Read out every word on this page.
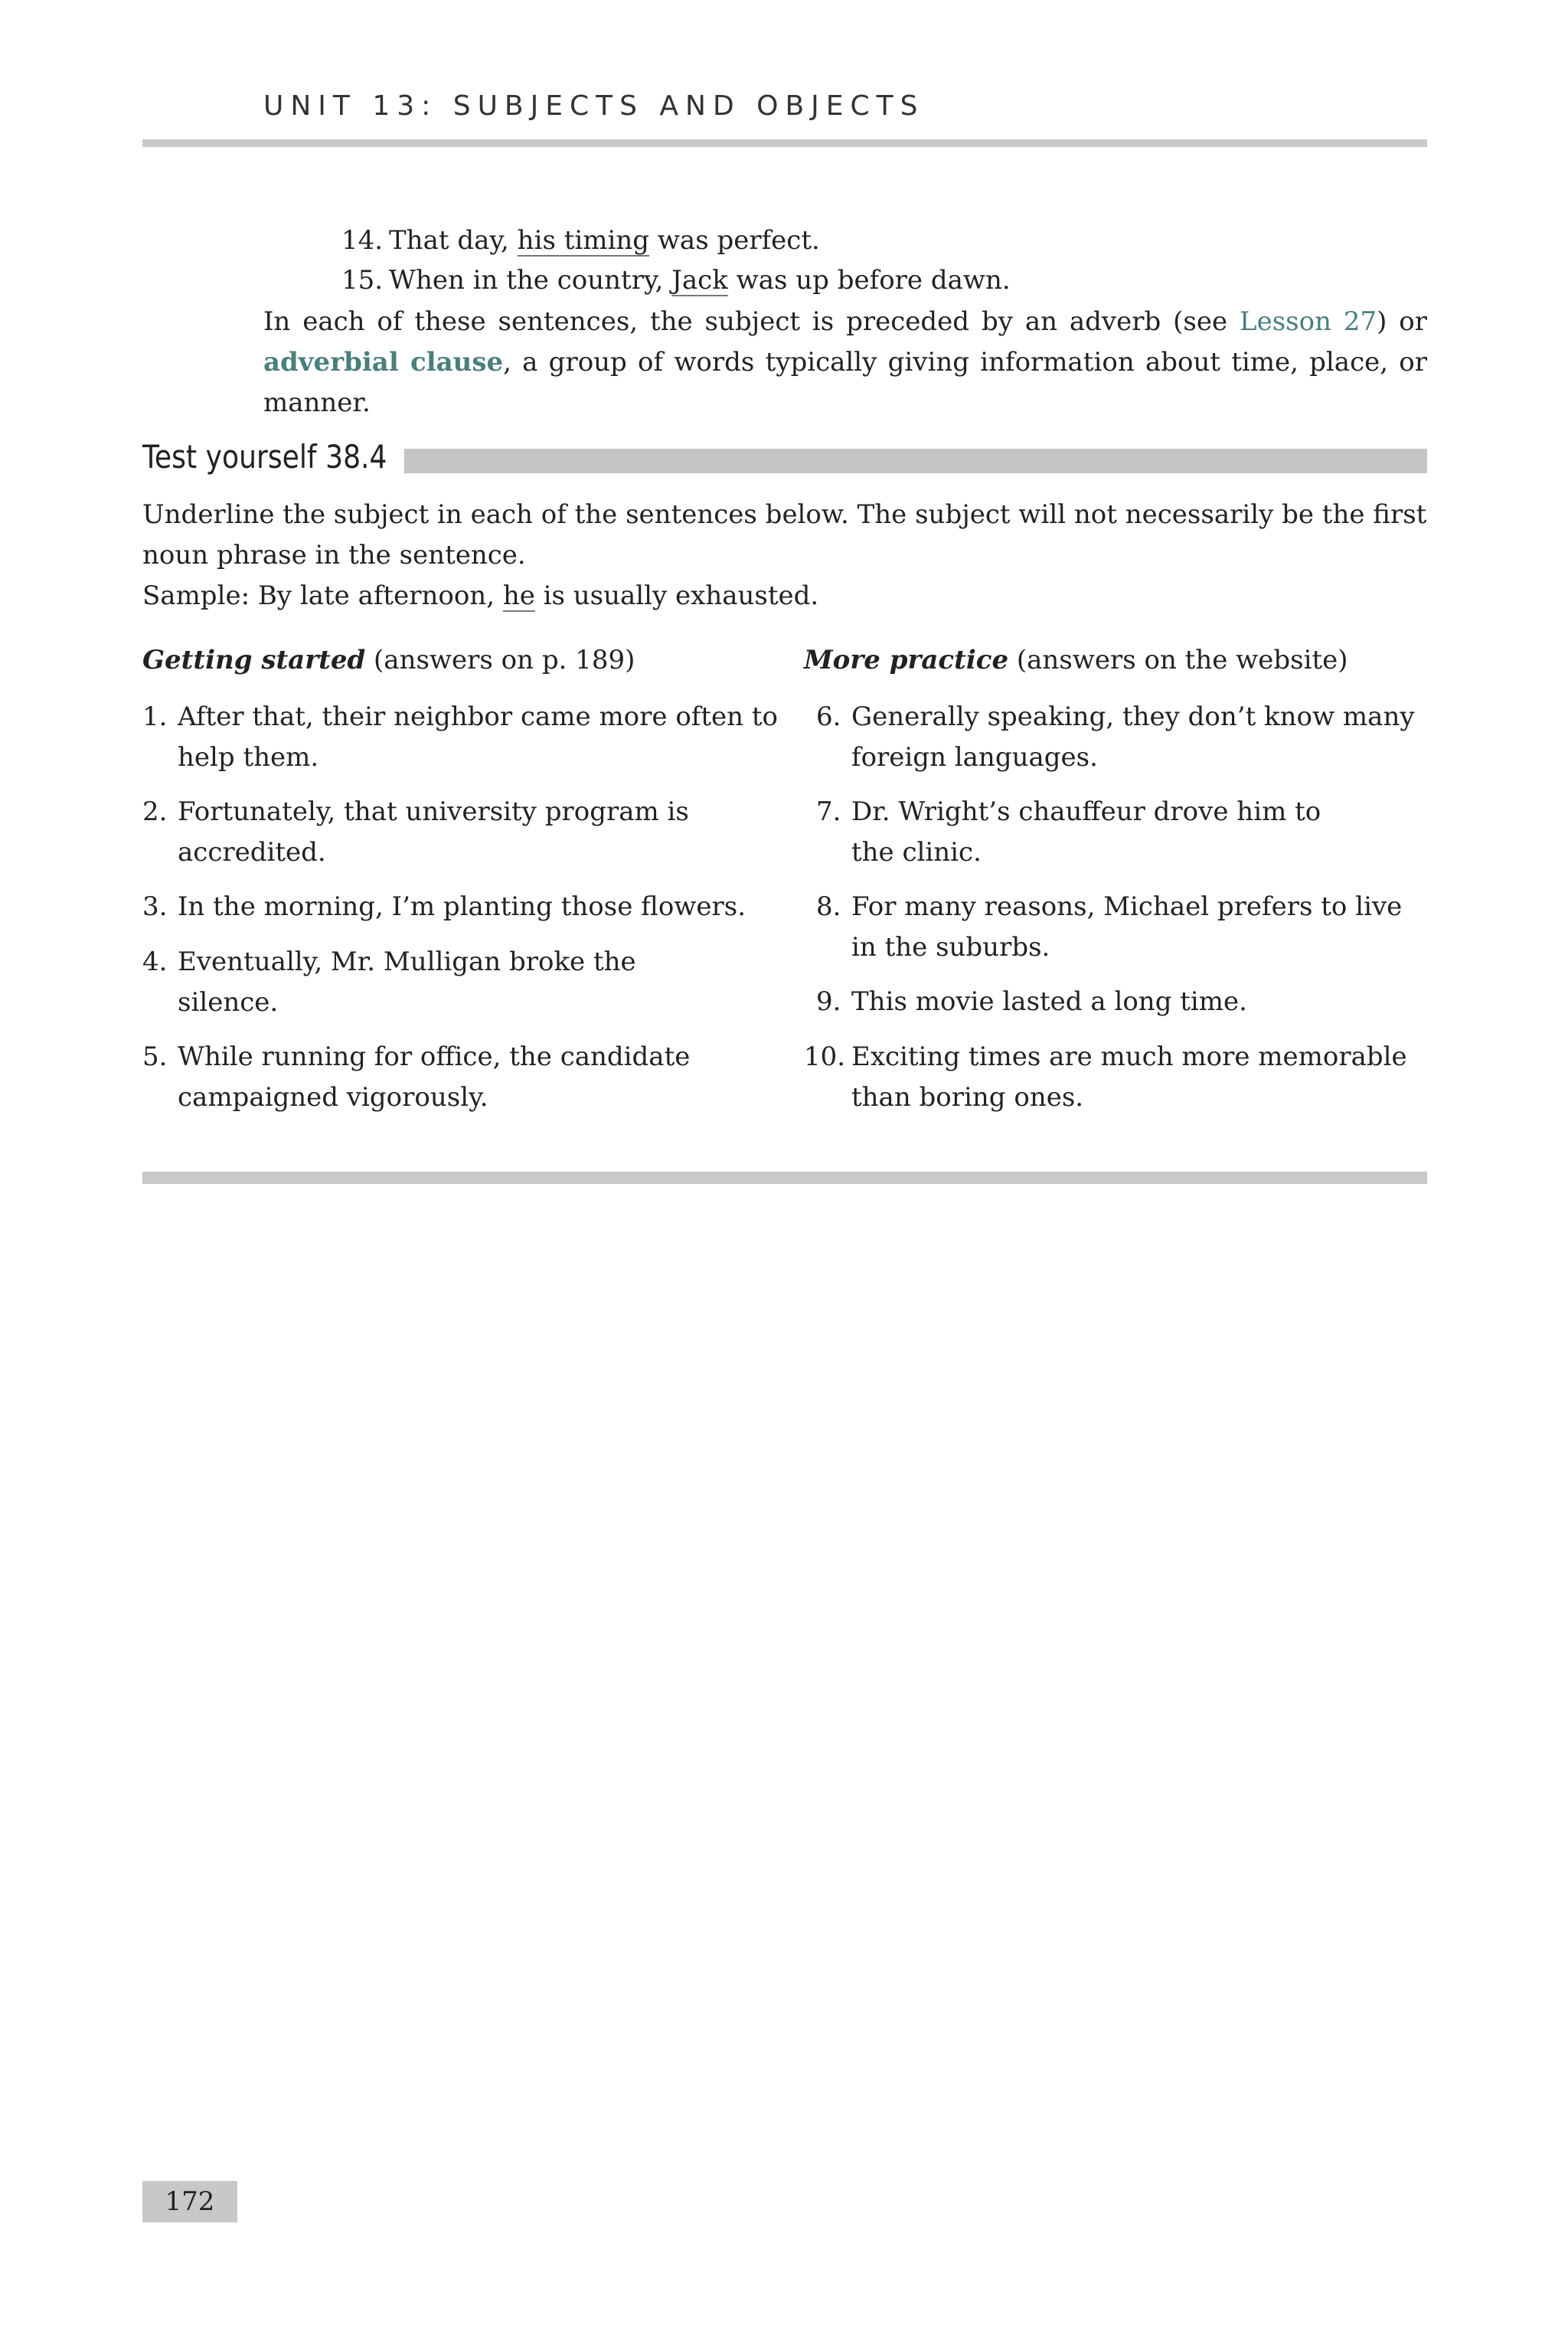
UNIT 13: SUBJECTS AND OBJECTS
14. That day, his timing was perfect.
15. When in the country, Jack was up before dawn.
In each of these sentences, the subject is preceded by an adverb (see Lesson 27) or adverbial clause, a group of words typically giving information about time, place, or manner.
Test yourself 38.4
Underline the subject in each of the sentences below. The subject will not necessarily be the first noun phrase in the sentence.
Sample: By late afternoon, he is usually exhausted.
Getting started (answers on p. 189)
1. After that, their neighbor came more often to help them.
2. Fortunately, that university program is accredited.
3. In the morning, I’m planting those flowers.
4. Eventually, Mr. Mulligan broke the silence.
5. While running for office, the candidate campaigned vigorously.
More practice (answers on the website)
6. Generally speaking, they don’t know many foreign languages.
7. Dr. Wright’s chauffeur drove him to the clinic.
8. For many reasons, Michael prefers to live in the suburbs.
9. This movie lasted a long time.
10. Exciting times are much more memorable than boring ones.
172
